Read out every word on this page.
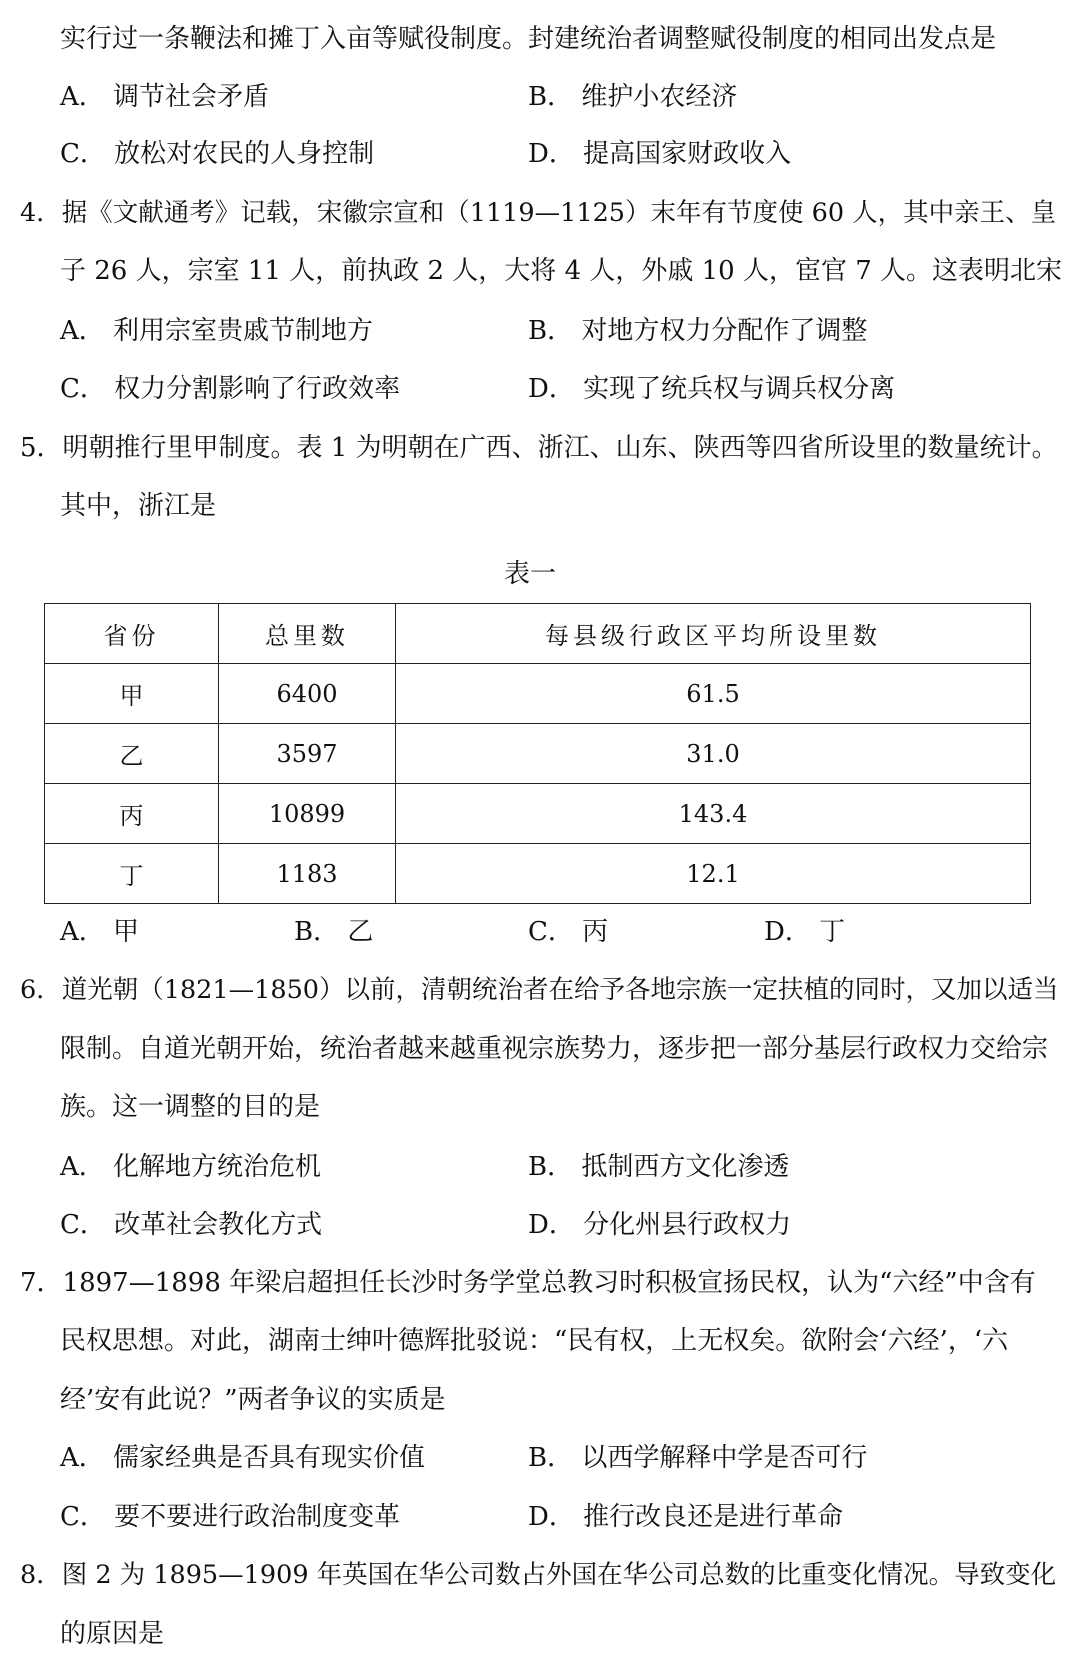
实行过一条鞭法和摊丁入亩等赋役制度。封建统治者调整赋役制度的相同出发点是
A． 调节社会矛盾	B． 维护小农经济
C． 放松对农民的人身控制	D． 提高国家财政收入
4．据《文献通考》记载，宋徽宗宣和（1119—1125）末年有节度使 60 人，其中亲王、皇
子 26 人，宗室 11 人，前执政 2 人，大将 4 人，外戚 10 人，宦官 7 人。这表明北宋
A． 利用宗室贵戚节制地方	B． 对地方权力分配作了调整
C． 权力分割影响了行政效率	D． 实现了统兵权与调兵权分离
5．明朝推行里甲制度。表 1 为明朝在广西、浙江、山东、陕西等四省所设里的数量统计。
其中，浙江是
表一
省份	总里数	每县级行政区平均所设里数
甲	6400	61.5
乙	3597	31.0
丙	10899	143.4
丁	1183	12.1
A． 甲	B． 乙	C． 丙	D． 丁
6．道光朝（1821—1850）以前，清朝统治者在给予各地宗族一定扶植的同时，又加以适当
限制。自道光朝开始，统治者越来越重视宗族势力，逐步把一部分基层行政权力交给宗
族。这一调整的目的是
A． 化解地方统治危机	B． 抵制西方文化渗透
C． 改革社会教化方式	D． 分化州县行政权力
7．1897—1898 年梁启超担任长沙时务学堂总教习时积极宣扬民权，认为“六经”中含有
民权思想。对此，湖南士绅叶德辉批驳说：“民有权，上无权矣。欲附会‘六经’，‘六
经’安有此说？”两者争议的实质是
A． 儒家经典是否具有现实价值	B． 以西学解释中学是否可行
C． 要不要进行政治制度变革	D． 推行改良还是进行革命
8．图 2 为 1895—1909 年英国在华公司数占外国在华公司总数的比重变化情况。导致变化
的原因是
